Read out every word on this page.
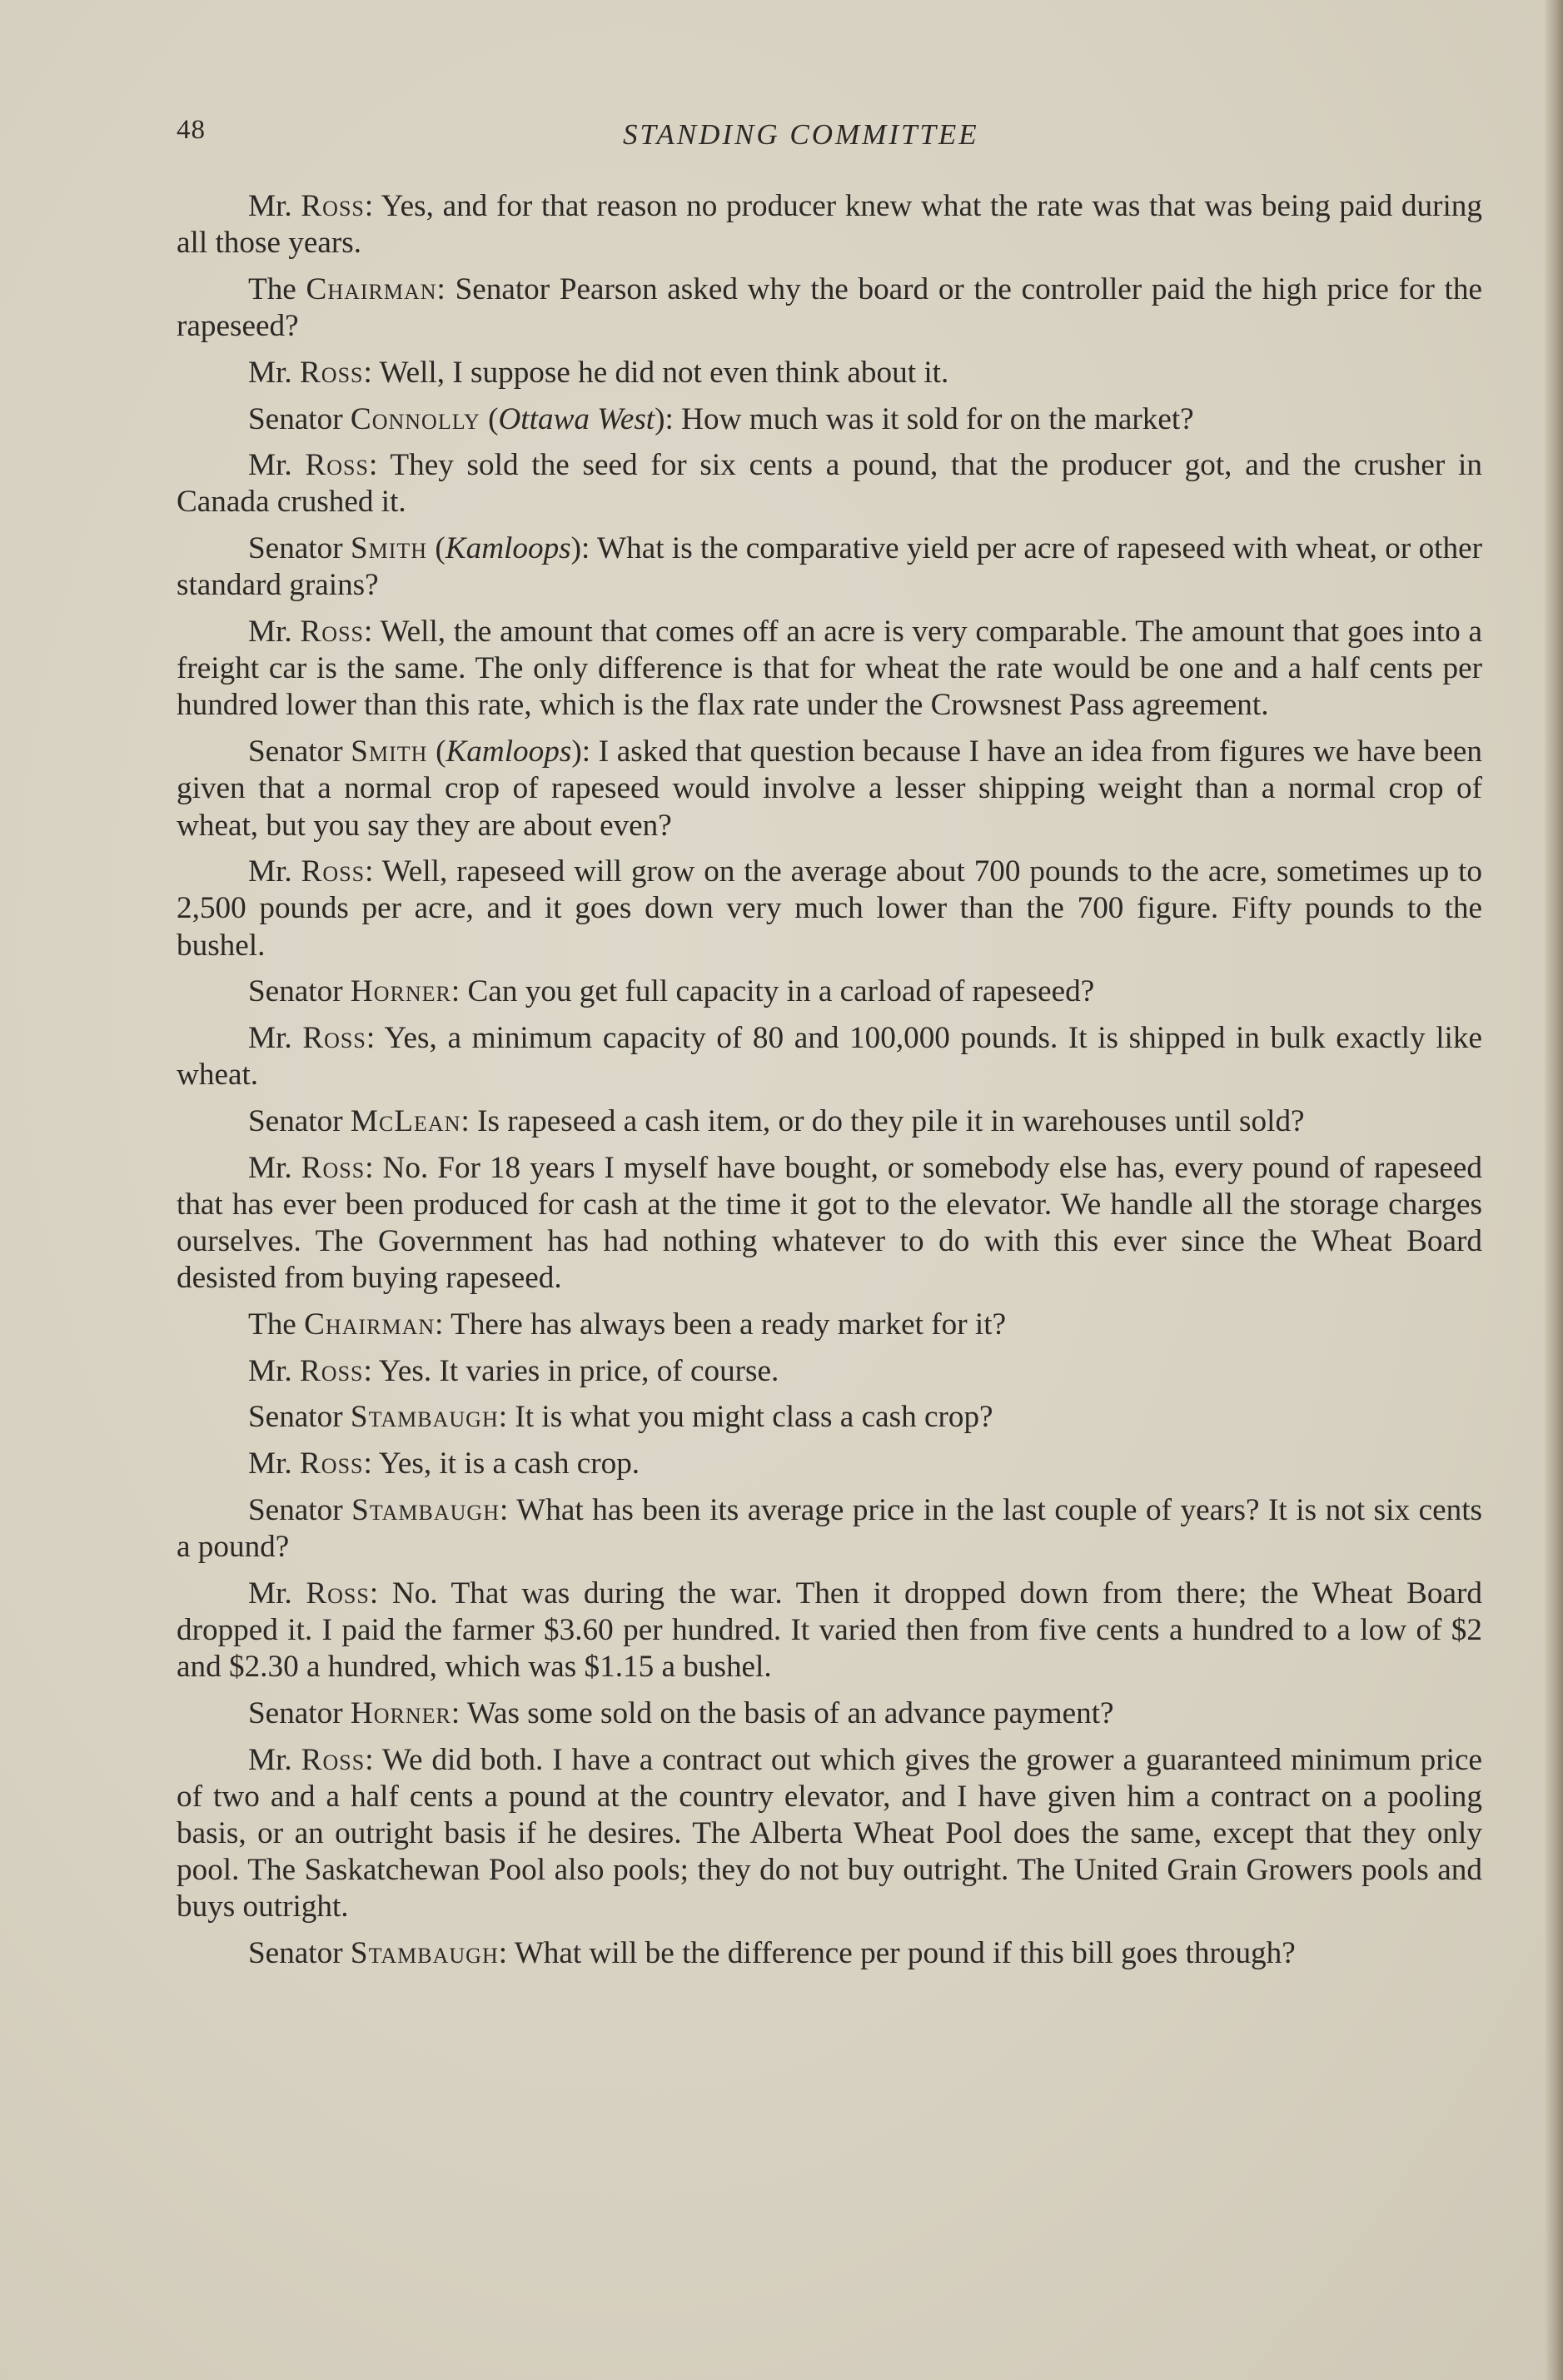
48	STANDING COMMITTEE

Mr. Ross: Yes, and for that reason no producer knew what the rate was that was being paid during all those years.

The Chairman: Senator Pearson asked why the board or the controller paid the high price for the rapeseed?

Mr. Ross: Well, I suppose he did not even think about it.

Senator Connolly (Ottawa West): How much was it sold for on the market?

Mr. Ross: They sold the seed for six cents a pound, that the producer got, and the crusher in Canada crushed it.

Senator Smith (Kamloops): What is the comparative yield per acre of rapeseed with wheat, or other standard grains?

Mr. Ross: Well, the amount that comes off an acre is very comparable. The amount that goes into a freight car is the same. The only difference is that for wheat the rate would be one and a half cents per hundred lower than this rate, which is the flax rate under the Crowsnest Pass agreement.

Senator Smith (Kamloops): I asked that question because I have an idea from figures we have been given that a normal crop of rapeseed would involve a lesser shipping weight than a normal crop of wheat, but you say they are about even?

Mr. Ross: Well, rapeseed will grow on the average about 700 pounds to the acre, sometimes up to 2,500 pounds per acre, and it goes down very much lower than the 700 figure. Fifty pounds to the bushel.

Senator Horner: Can you get full capacity in a carload of rapeseed?

Mr. Ross: Yes, a minimum capacity of 80 and 100,000 pounds. It is shipped in bulk exactly like wheat.

Senator McLean: Is rapeseed a cash item, or do they pile it in warehouses until sold?

Mr. Ross: No. For 18 years I myself have bought, or somebody else has, every pound of rapeseed that has ever been produced for cash at the time it got to the elevator. We handle all the storage charges ourselves. The Government has had nothing whatever to do with this ever since the Wheat Board desisted from buying rapeseed.

The Chairman: There has always been a ready market for it?

Mr. Ross: Yes. It varies in price, of course.

Senator Stambaugh: It is what you might class a cash crop?

Mr. Ross: Yes, it is a cash crop.

Senator Stambaugh: What has been its average price in the last couple of years? It is not six cents a pound?

Mr. Ross: No. That was during the war. Then it dropped down from there; the Wheat Board dropped it. I paid the farmer $3.60 per hundred. It varied then from five cents a hundred to a low of $2 and $2.30 a hundred, which was $1.15 a bushel.

Senator Horner: Was some sold on the basis of an advance payment?

Mr. Ross: We did both. I have a contract out which gives the grower a guaranteed minimum price of two and a half cents a pound at the country elevator, and I have given him a contract on a pooling basis, or an outright basis if he desires. The Alberta Wheat Pool does the same, except that they only pool. The Saskatchewan Pool also pools; they do not buy outright. The United Grain Growers pools and buys outright.

Senator Stambaugh: What will be the difference per pound if this bill goes through?
